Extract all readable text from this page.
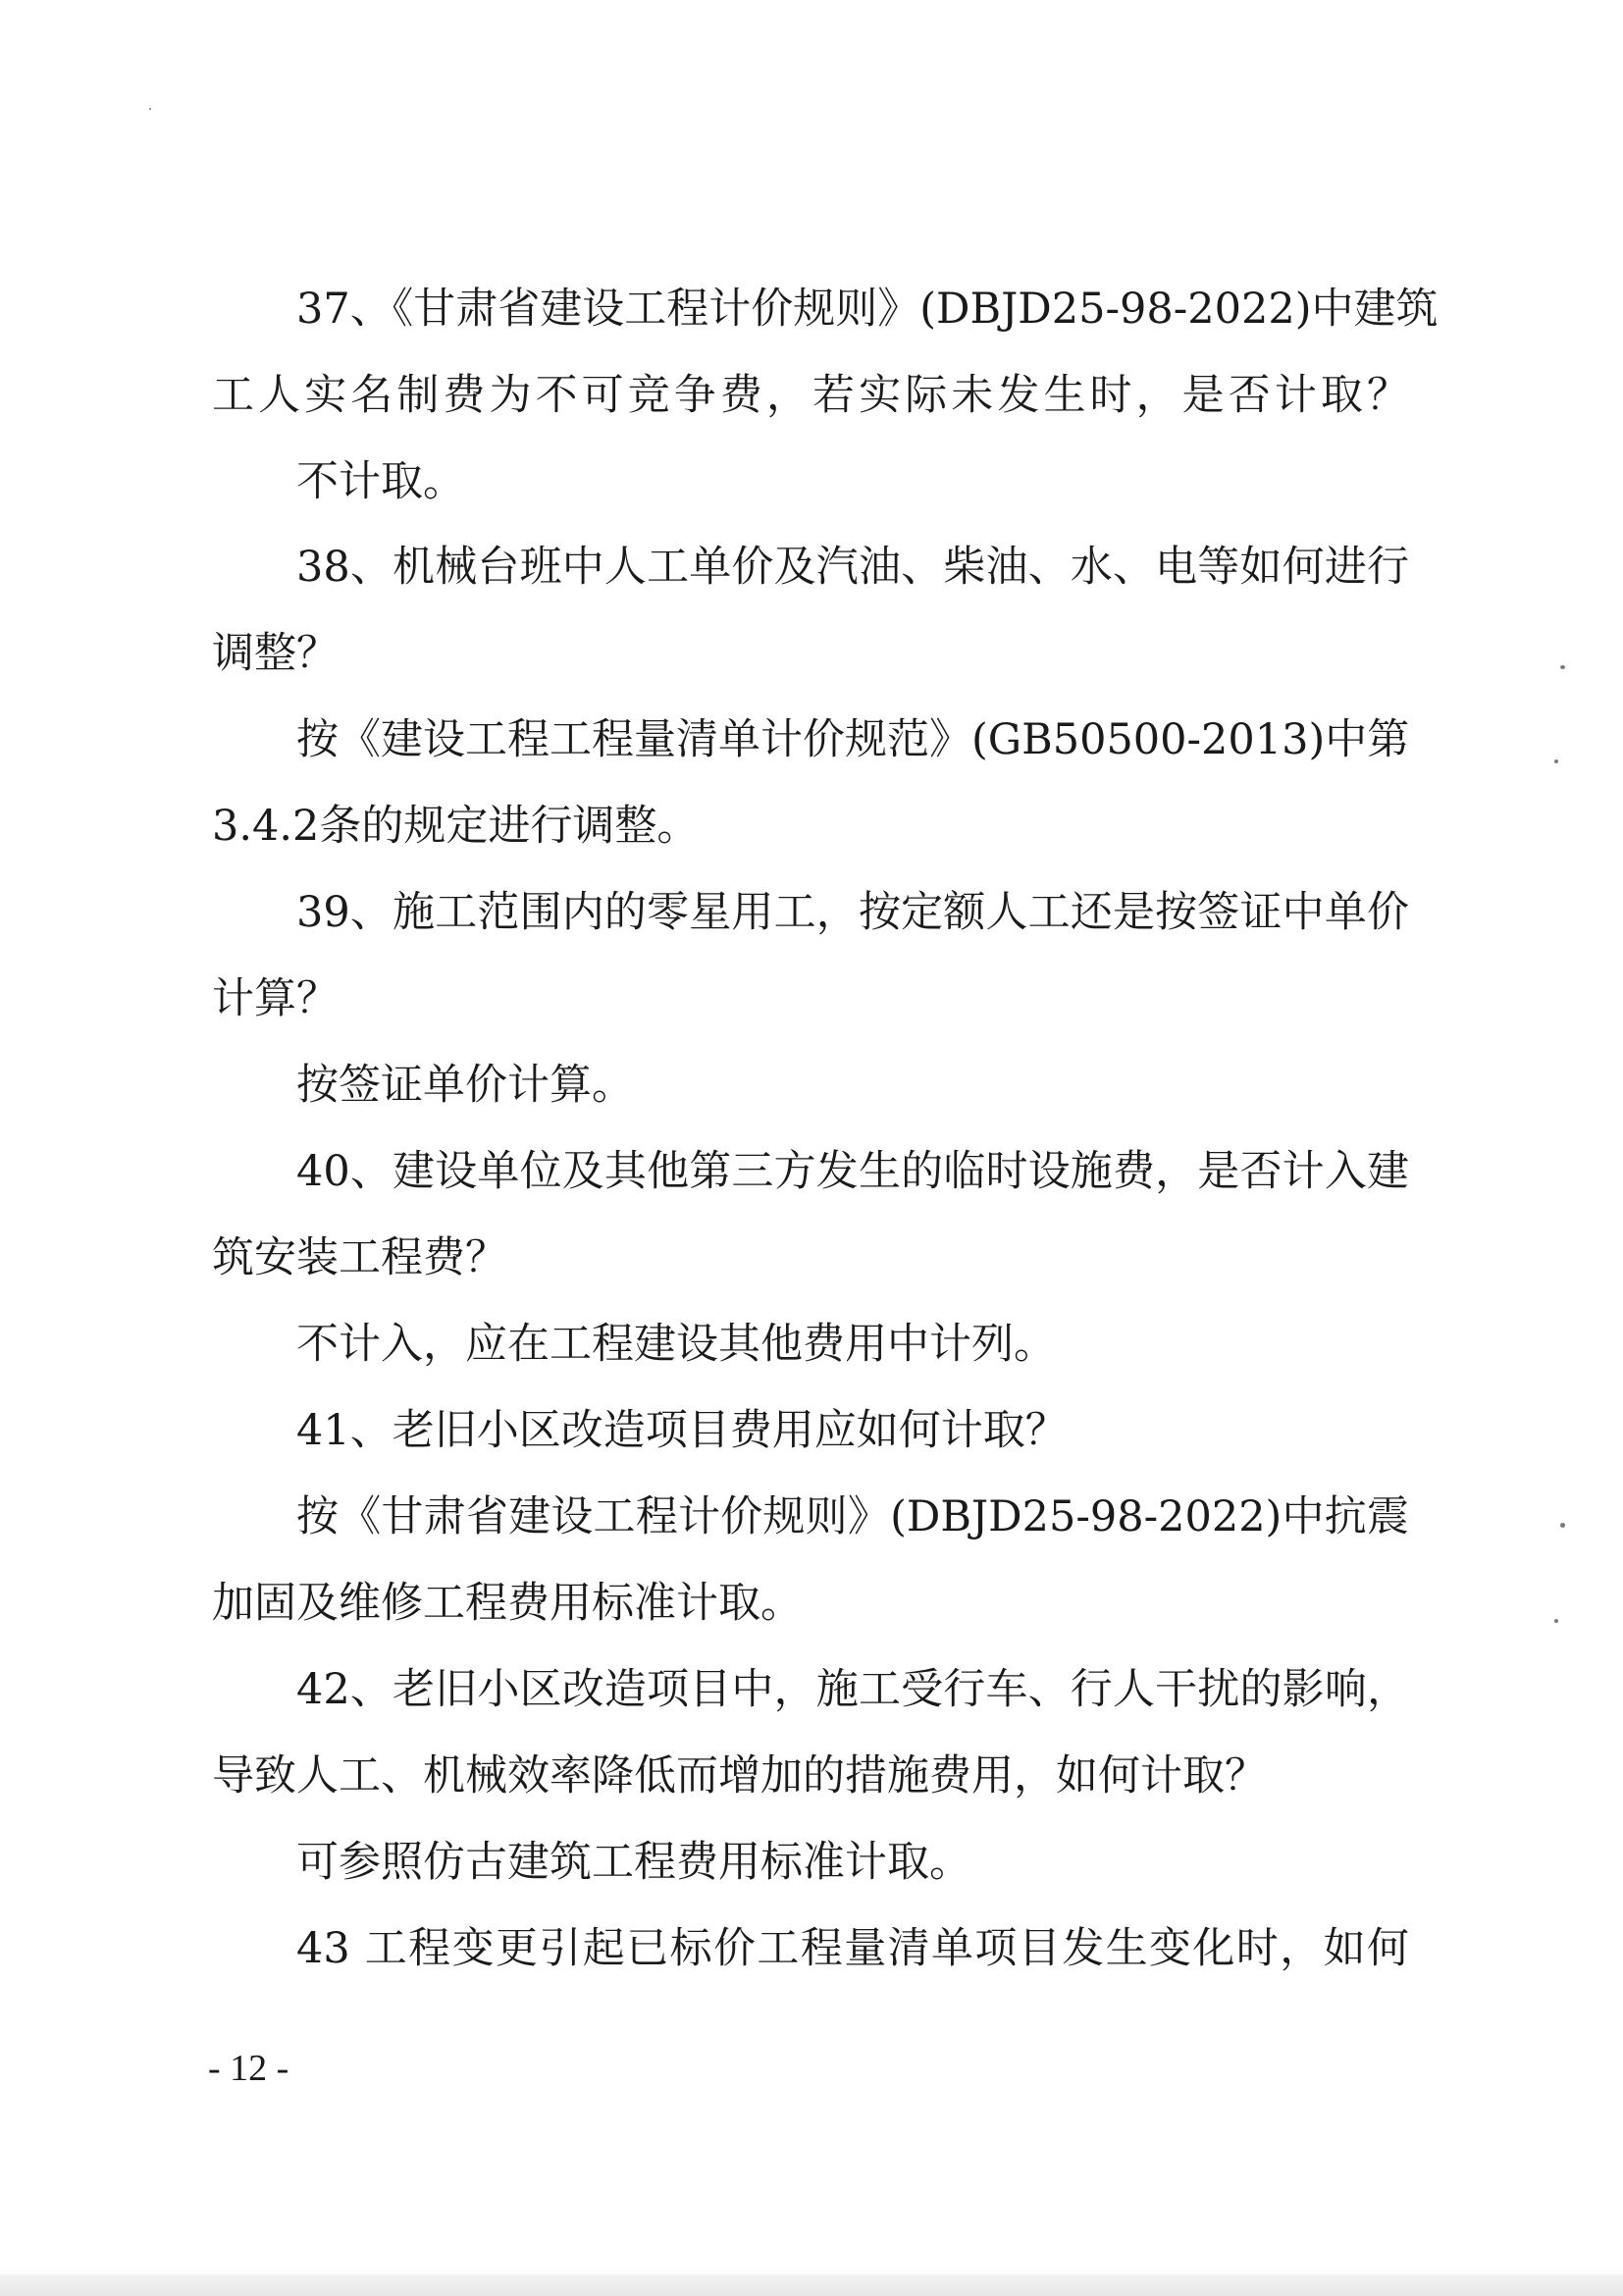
37、《甘肃省建设工程计价规则》(DBJD25-98-2022)中建筑
工人实名制费为不可竞争费，若实际未发生时，是否计取？
不计取。
38、机械台班中人工单价及汽油、柴油、水、电等如何进行
调整？
按《建设工程工程量清单计价规范》(GB50500-2013)中第
3.4.2条的规定进行调整。
39、施工范围内的零星用工，按定额人工还是按签证中单价
计算？
按签证单价计算。
40、建设单位及其他第三方发生的临时设施费，是否计入建
筑安装工程费？
不计入，应在工程建设其他费用中计列。
41、老旧小区改造项目费用应如何计取？
按《甘肃省建设工程计价规则》(DBJD25-98-2022)中抗震
加固及维修工程费用标准计取。
42、老旧小区改造项目中，施工受行车、行人干扰的影响，
导致人工、机械效率降低而增加的措施费用，如何计取？
可参照仿古建筑工程费用标准计取。
43 工程变更引起已标价工程量清单项目发生变化时，如何
- 12 -
